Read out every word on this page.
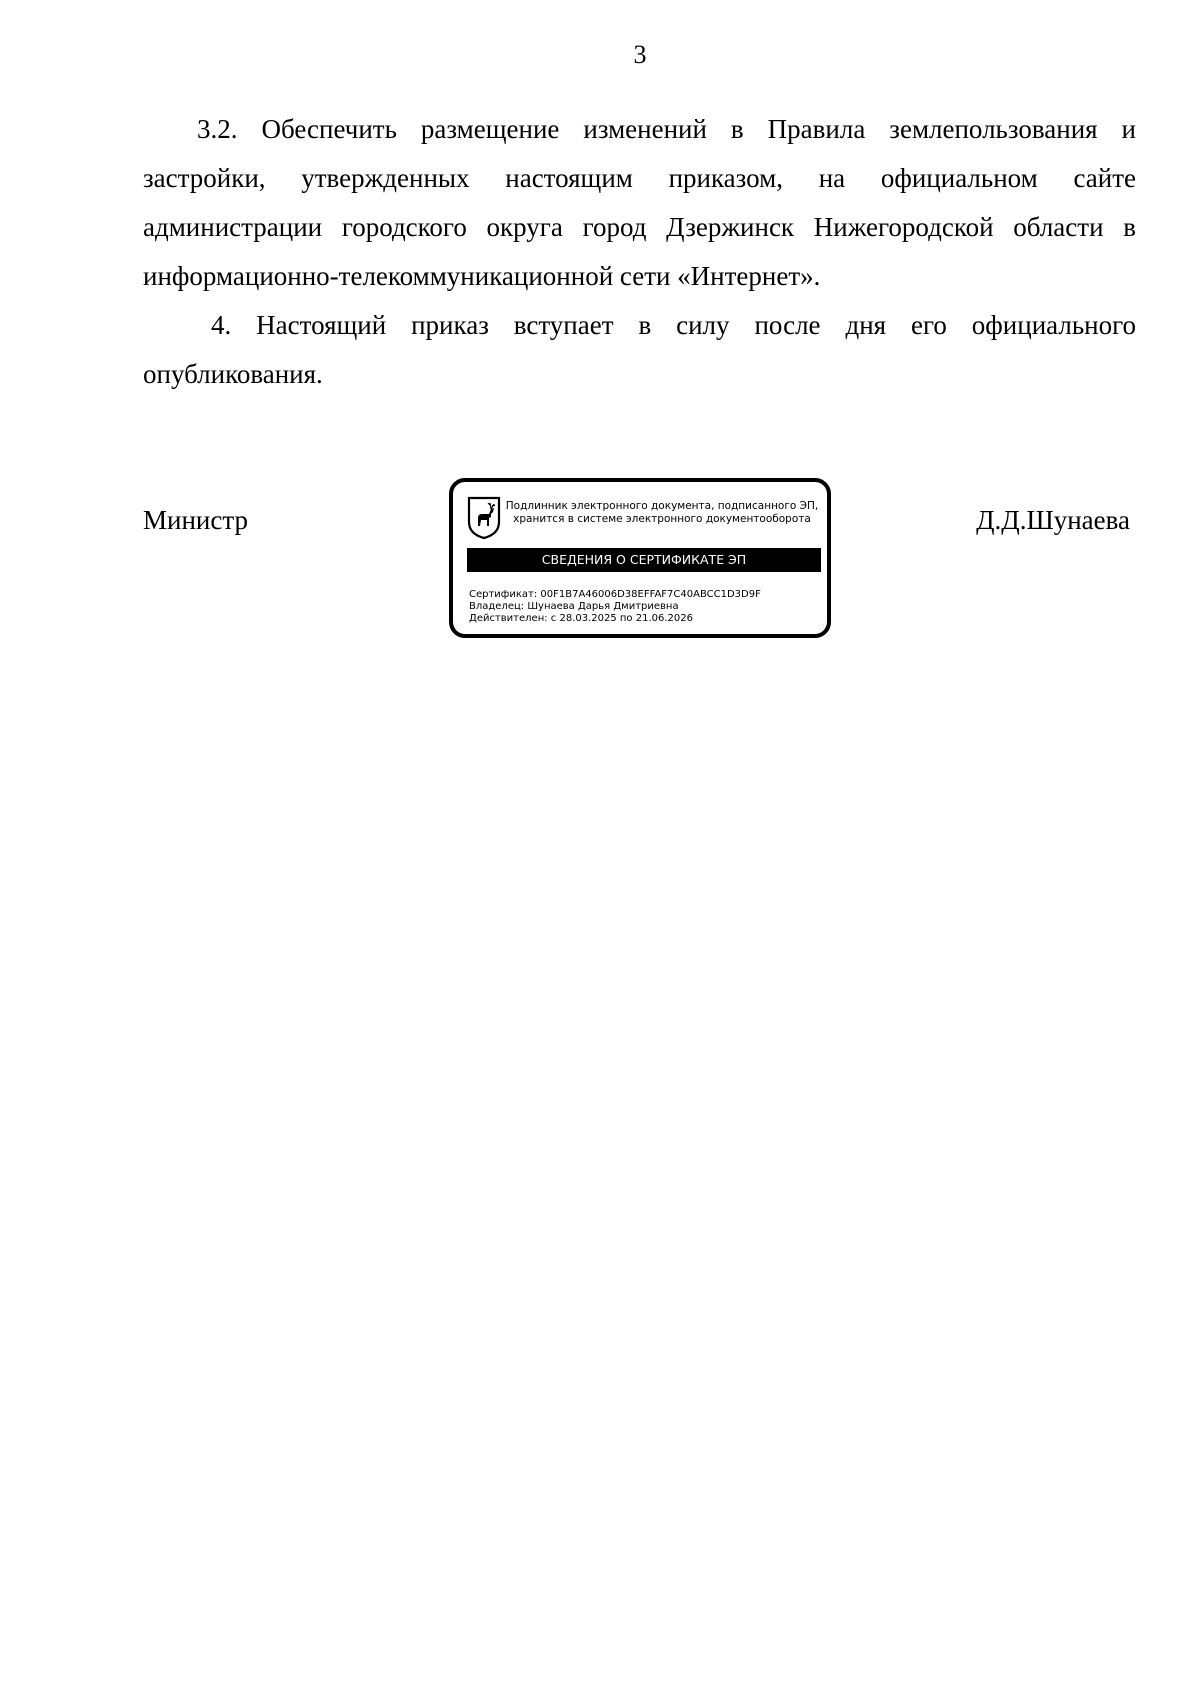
3

3.2. Обеспечить размещение изменений в Правила землепользования и застройки, утвержденных настоящим приказом, на официальном сайте администрации городского округа город Дзержинск Нижегородской области в информационно-телекоммуникационной сети «Интернет».

4. Настоящий приказ вступает в силу после дня его официального опубликования.

Министр	Подлинник электронного документа, подписанного ЭП,
хранится в системе электронного документооборота
СВЕДЕНИЯ О СЕРТИФИКАТЕ ЭП
Сертификат: 00F1B7A46006D38EFFAF7C40ABCC1D3D9F
Владелец: Шунаева Дарья Дмитриевна
Действителен: с 28.03.2025 по 21.06.2026
Д.Д.Шунаева
